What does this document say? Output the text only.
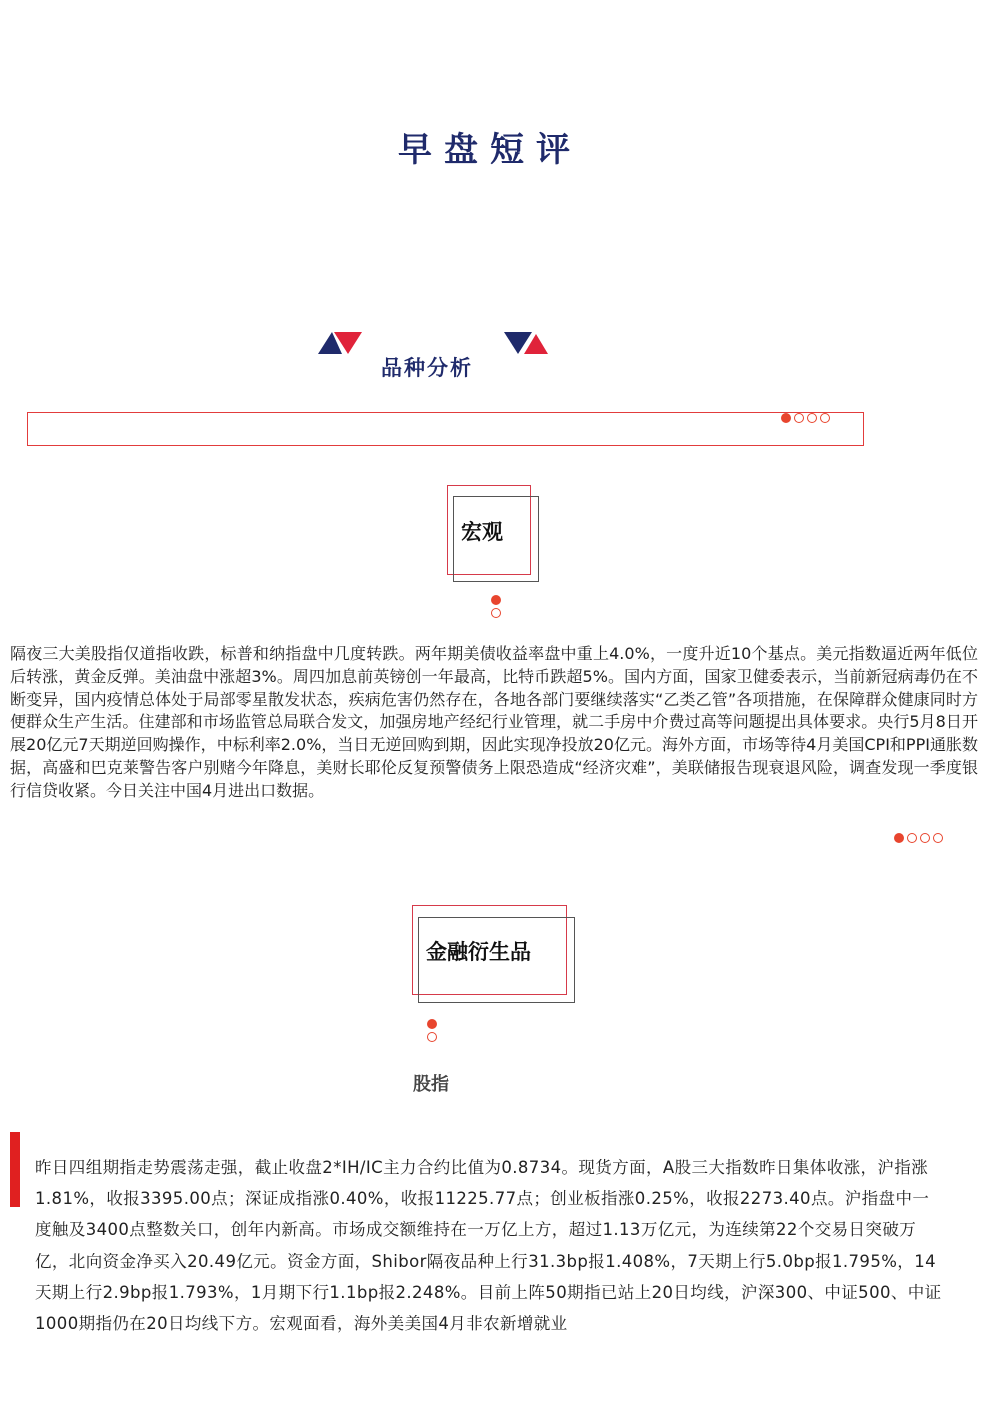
早盘短评
品种分析
宏观
隔夜三大美股指仅道指收跌，标普和纳指盘中几度转跌。两年期美债收益率盘中重上4.0%，一度升近10个基点。美元指数逼近两年低位后转涨，黄金反弹。美油盘中涨超3%。周四加息前英镑创一年最高，比特币跌超5%。国内方面，国家卫健委表示，当前新冠病毒仍在不断变异，国内疫情总体处于局部零星散发状态，疾病危害仍然存在，各地各部门要继续落实“乙类乙管”各项措施，在保障群众健康同时方便群众生产生活。住建部和市场监管总局联合发文，加强房地产经纪行业管理，就二手房中介费过高等问题提出具体要求。央行5月8日开展20亿元7天期逆回购操作，中标利率2.0%，当日无逆回购到期，因此实现净投放20亿元。海外方面，市场等待4月美国CPI和PPI通胀数据，高盛和巴克莱警告客户别赌今年降息，美财长耶伦反复预警债务上限恐造成“经济灾难”，美联储报告现衰退风险，调查发现一季度银行信贷收紧。今日关注中国4月进出口数据。
金融衍生品
股指
昨日四组期指走势震荡走强，截止收盘2*IH/IC主力合约比值为0.8734。现货方面，A股三大指数昨日集体收涨，沪指涨1.81%，收报3395.00点；深证成指涨0.40%，收报11225.77点；创业板指涨0.25%，收报2273.40点。沪指盘中一度触及3400点整数关口，创年内新高。市场成交额维持在一万亿上方，超过1.13万亿元，为连续第22个交易日突破万亿，北向资金净买入20.49亿元。资金方面，Shibor隔夜品种上行31.3bp报1.408%，7天期上行5.0bp报1.795%，14天期上行2.9bp报1.793%，1月期下行1.1bp报2.248%。目前上阵50期指已站上20日均线，沪深300、中证500、中证1000期指仍在20日均线下方。宏观面看，海外美美国4月非农新增就业
